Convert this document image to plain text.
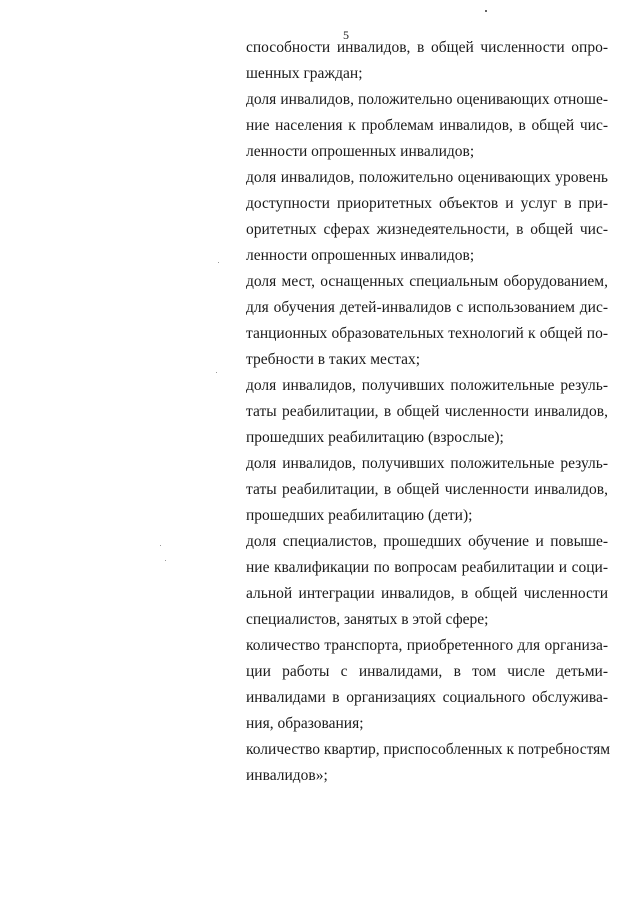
5

способности инвалидов, в общей численности опро-
шенных граждан;

доля инвалидов, положительно оценивающих отноше-
ние населения к проблемам инвалидов, в общей чис-
ленности опрошенных инвалидов;

доля инвалидов, положительно оценивающих уровень
доступности приоритетных объектов и услуг в при-
оритетных сферах жизнедеятельности, в общей чис-
ленности опрошенных инвалидов;

доля мест, оснащенных специальным оборудованием,
для обучения детей-инвалидов с использованием дис-
танционных образовательных технологий к общей по-
требности в таких местах;

доля инвалидов, получивших положительные резуль-
таты реабилитации, в общей численности инвалидов,
прошедших реабилитацию (взрослые);

доля инвалидов, получивших положительные резуль-
таты реабилитации, в общей численности инвалидов,
прошедших реабилитацию (дети);

доля специалистов, прошедших обучение и повыше-
ние квалификации по вопросам реабилитации и соци-
альной интеграции инвалидов, в общей численности
специалистов, занятых в этой сфере;

количество транспорта, приобретенного для организа-
ции работы с инвалидами, в том числе детьми-
инвалидами в организациях социального обслужива-
ния, образования;

количество квартир, приспособленных к потребностям
инвалидов»;
